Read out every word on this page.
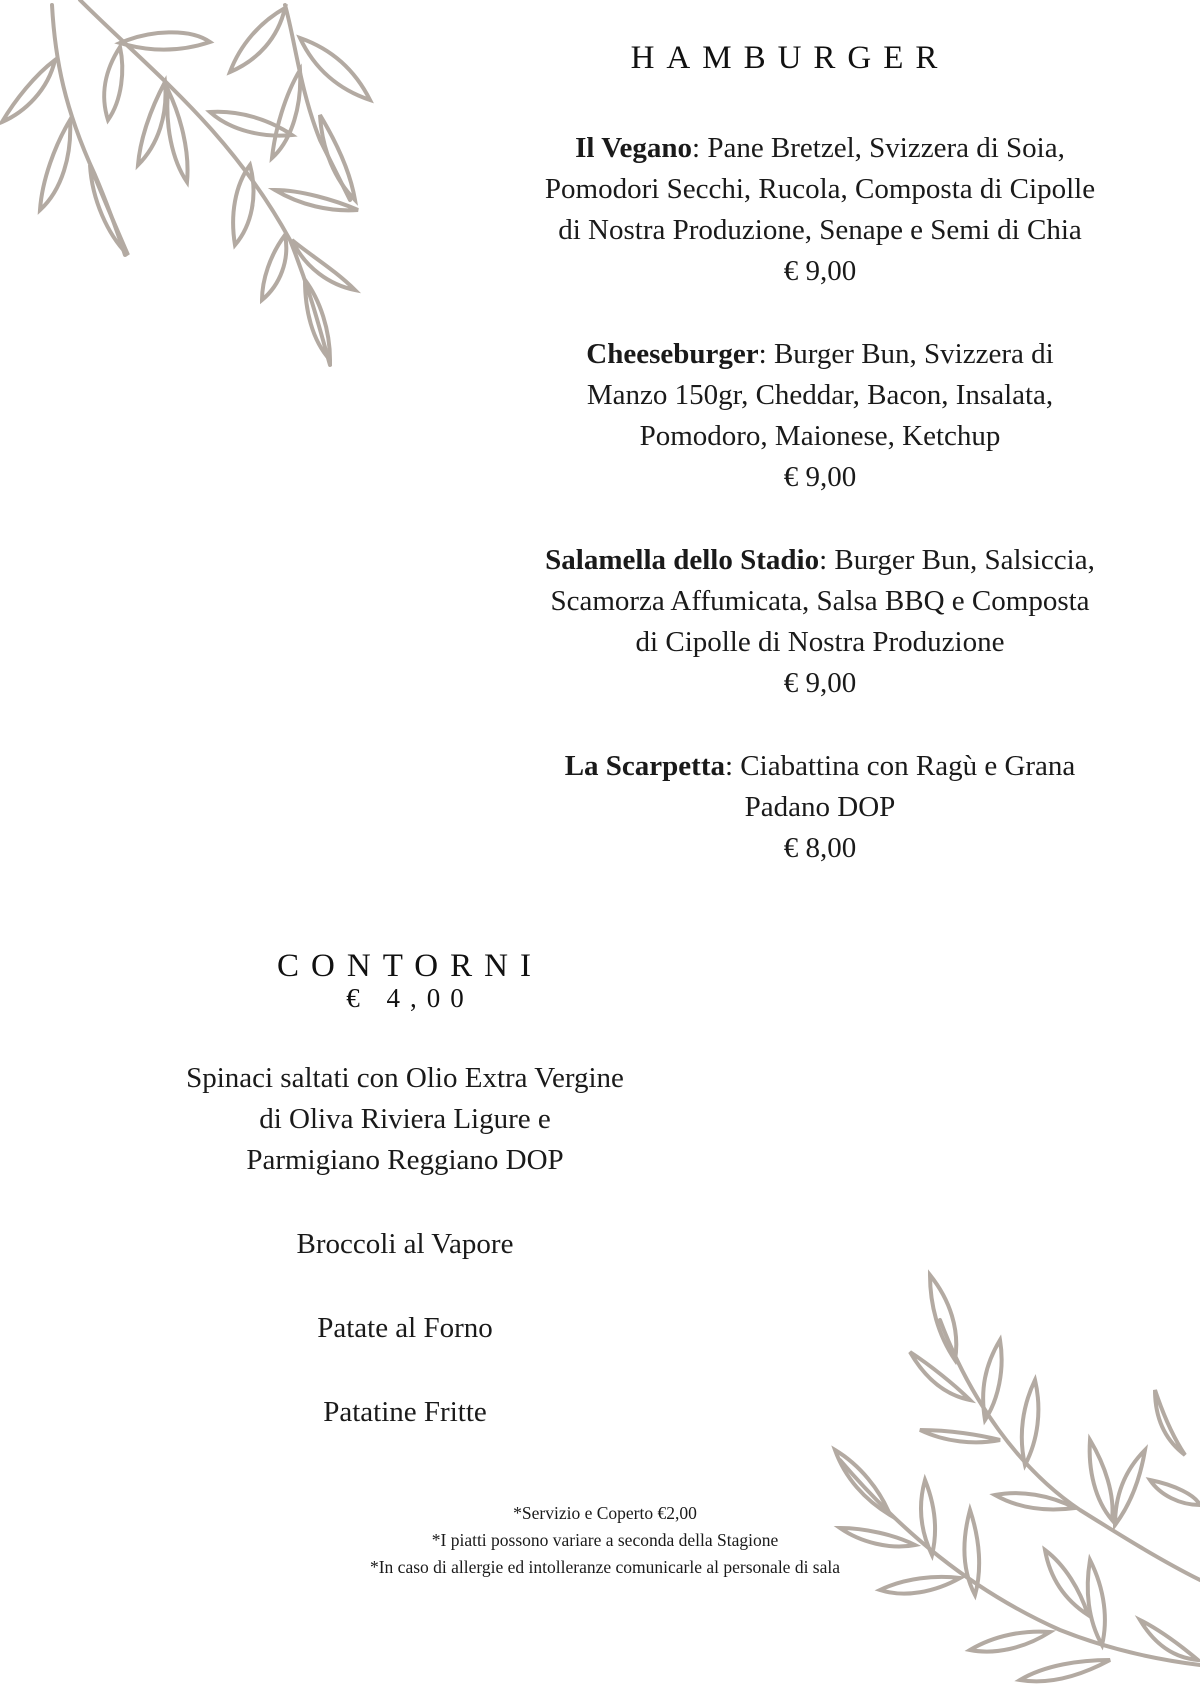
HAMBURGER
Il Vegano: Pane Bretzel, Svizzera di Soia,
Pomodori Secchi, Rucola, Composta di Cipolle
di Nostra Produzione, Senape e Semi di Chia
€ 9,00
Cheeseburger: Burger Bun, Svizzera di
Manzo 150gr, Cheddar, Bacon, Insalata,
Pomodoro, Maionese, Ketchup
€ 9,00
Salamella dello Stadio: Burger Bun, Salsiccia,
Scamorza Affumicata, Salsa BBQ e Composta
di Cipolle di Nostra Produzione
€ 9,00
La Scarpetta: Ciabattina con Ragù e Grana
Padano DOP
€ 8,00
CONTORNI
€ 4,00
Spinaci saltati con Olio Extra Vergine
di Oliva Riviera Ligure e
Parmigiano Reggiano DOP
Broccoli al Vapore
Patate al Forno
Patatine Fritte
*Servizio e Coperto €2,00
*I piatti possono variare a seconda della Stagione
*In caso di allergie ed intolleranze comunicarle al personale di sala
